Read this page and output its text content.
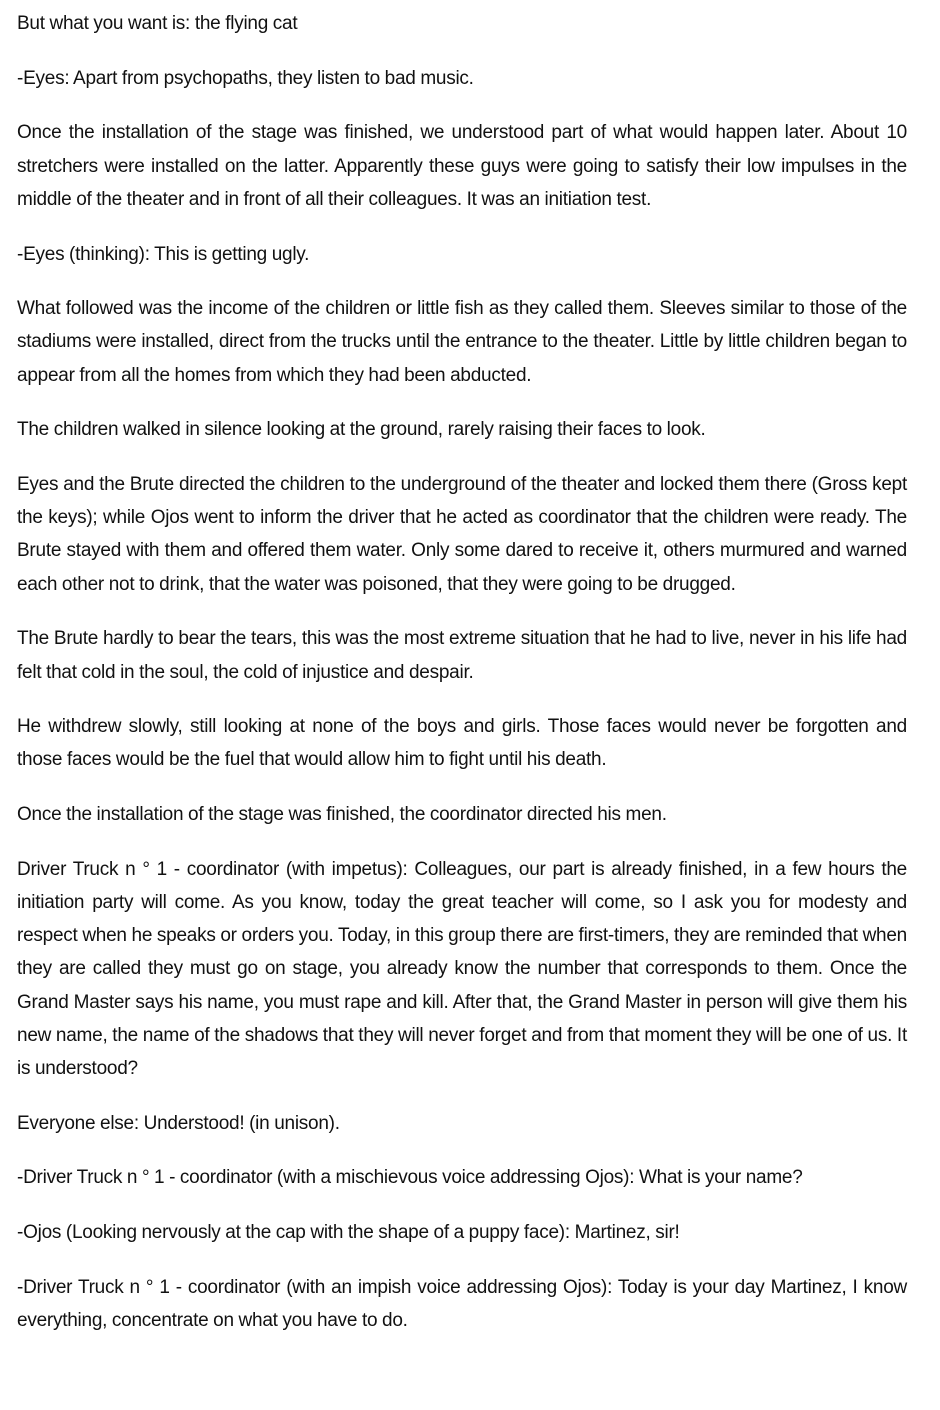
But what you want is: the flying cat

-Eyes: Apart from psychopaths, they listen to bad music.

Once the installation of the stage was finished, we understood part of what would happen later. About 10 stretchers were installed on the latter. Apparently these guys were going to satisfy their low impulses in the middle of the theater and in front of all their colleagues. It was an initiation test.

-Eyes (thinking): This is getting ugly.

What followed was the income of the children or little fish as they called them. Sleeves similar to those of the stadiums were installed, direct from the trucks until the entrance to the theater. Little by little children began to appear from all the homes from which they had been abducted.

The children walked in silence looking at the ground, rarely raising their faces to look.

Eyes and the Brute directed the children to the underground of the theater and locked them there (Gross kept the keys); while Ojos went to inform the driver that he acted as coordinator that the children were ready. The Brute stayed with them and offered them water. Only some dared to receive it, others murmured and warned each other not to drink, that the water was poisoned, that they were going to be drugged.

The Brute hardly to bear the tears, this was the most extreme situation that he had to live, never in his life had felt that cold in the soul, the cold of injustice and despair.

He withdrew slowly, still looking at none of the boys and girls. Those faces would never be forgotten and those faces would be the fuel that would allow him to fight until his death.

Once the installation of the stage was finished, the coordinator directed his men.

Driver Truck n ° 1 - coordinator (with impetus): Colleagues, our part is already finished, in a few hours the initiation party will come. As you know, today the great teacher will come, so I ask you for modesty and respect when he speaks or orders you. Today, in this group there are first-timers, they are reminded that when they are called they must go on stage, you already know the number that corresponds to them. Once the Grand Master says his name, you must rape and kill. After that, the Grand Master in person will give them his new name, the name of the shadows that they will never forget and from that moment they will be one of us. It is understood?

Everyone else: Understood! (in unison).

-Driver Truck n ° 1 - coordinator (with a mischievous voice addressing Ojos): What is your name?

-Ojos (Looking nervously at the cap with the shape of a puppy face): Martinez, sir!

-Driver Truck n ° 1 - coordinator (with an impish voice addressing Ojos): Today is your day Martinez, I know everything, concentrate on what you have to do.
